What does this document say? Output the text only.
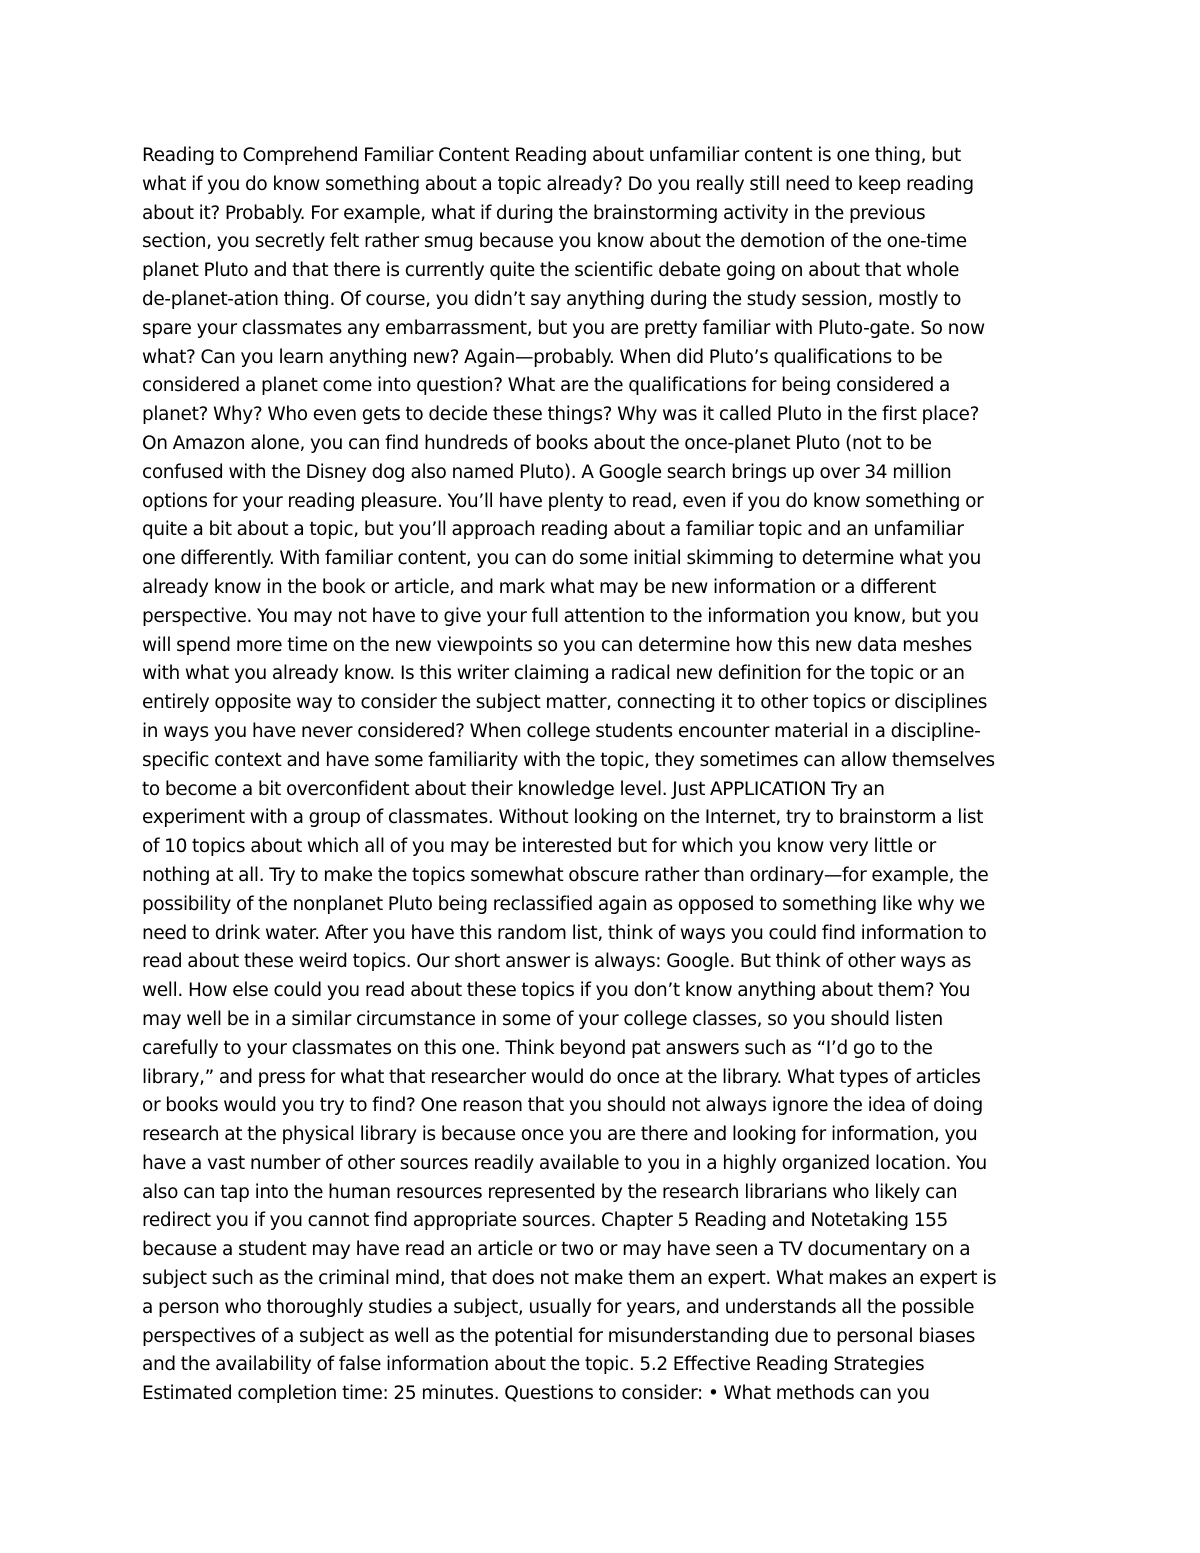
Reading to Comprehend Familiar Content Reading about unfamiliar content is one thing, but
what if you do know something about a topic already? Do you really still need to keep reading
about it? Probably. For example, what if during the brainstorming activity in the previous
section, you secretly felt rather smug because you know about the demotion of the one-time
planet Pluto and that there is currently quite the scientific debate going on about that whole
de-planet-ation thing. Of course, you didn’t say anything during the study session, mostly to
spare your classmates any embarrassment, but you are pretty familiar with Pluto-gate. So now
what? Can you learn anything new? Again—probably. When did Pluto’s qualifications to be
considered a planet come into question? What are the qualifications for being considered a
planet? Why? Who even gets to decide these things? Why was it called Pluto in the first place?
On Amazon alone, you can find hundreds of books about the once-planet Pluto (not to be
confused with the Disney dog also named Pluto). A Google search brings up over 34 million
options for your reading pleasure. You’ll have plenty to read, even if you do know something or
quite a bit about a topic, but you’ll approach reading about a familiar topic and an unfamiliar
one differently. With familiar content, you can do some initial skimming to determine what you
already know in the book or article, and mark what may be new information or a different
perspective. You may not have to give your full attention to the information you know, but you
will spend more time on the new viewpoints so you can determine how this new data meshes
with what you already know. Is this writer claiming a radical new definition for the topic or an
entirely opposite way to consider the subject matter, connecting it to other topics or disciplines
in ways you have never considered? When college students encounter material in a discipline-
specific context and have some familiarity with the topic, they sometimes can allow themselves
to become a bit overconfident about their knowledge level. Just APPLICATION Try an
experiment with a group of classmates. Without looking on the Internet, try to brainstorm a list
of 10 topics about which all of you may be interested but for which you know very little or
nothing at all. Try to make the topics somewhat obscure rather than ordinary—for example, the
possibility of the nonplanet Pluto being reclassified again as opposed to something like why we
need to drink water. After you have this random list, think of ways you could find information to
read about these weird topics. Our short answer is always: Google. But think of other ways as
well. How else could you read about these topics if you don’t know anything about them? You
may well be in a similar circumstance in some of your college classes, so you should listen
carefully to your classmates on this one. Think beyond pat answers such as “I’d go to the
library,” and press for what that researcher would do once at the library. What types of articles
or books would you try to find? One reason that you should not always ignore the idea of doing
research at the physical library is because once you are there and looking for information, you
have a vast number of other sources readily available to you in a highly organized location. You
also can tap into the human resources represented by the research librarians who likely can
redirect you if you cannot find appropriate sources. Chapter 5 Reading and Notetaking 155
because a student may have read an article or two or may have seen a TV documentary on a
subject such as the criminal mind, that does not make them an expert. What makes an expert is
a person who thoroughly studies a subject, usually for years, and understands all the possible
perspectives of a subject as well as the potential for misunderstanding due to personal biases
and the availability of false information about the topic. 5.2 Effective Reading Strategies
Estimated completion time: 25 minutes. Questions to consider: • What methods can you
